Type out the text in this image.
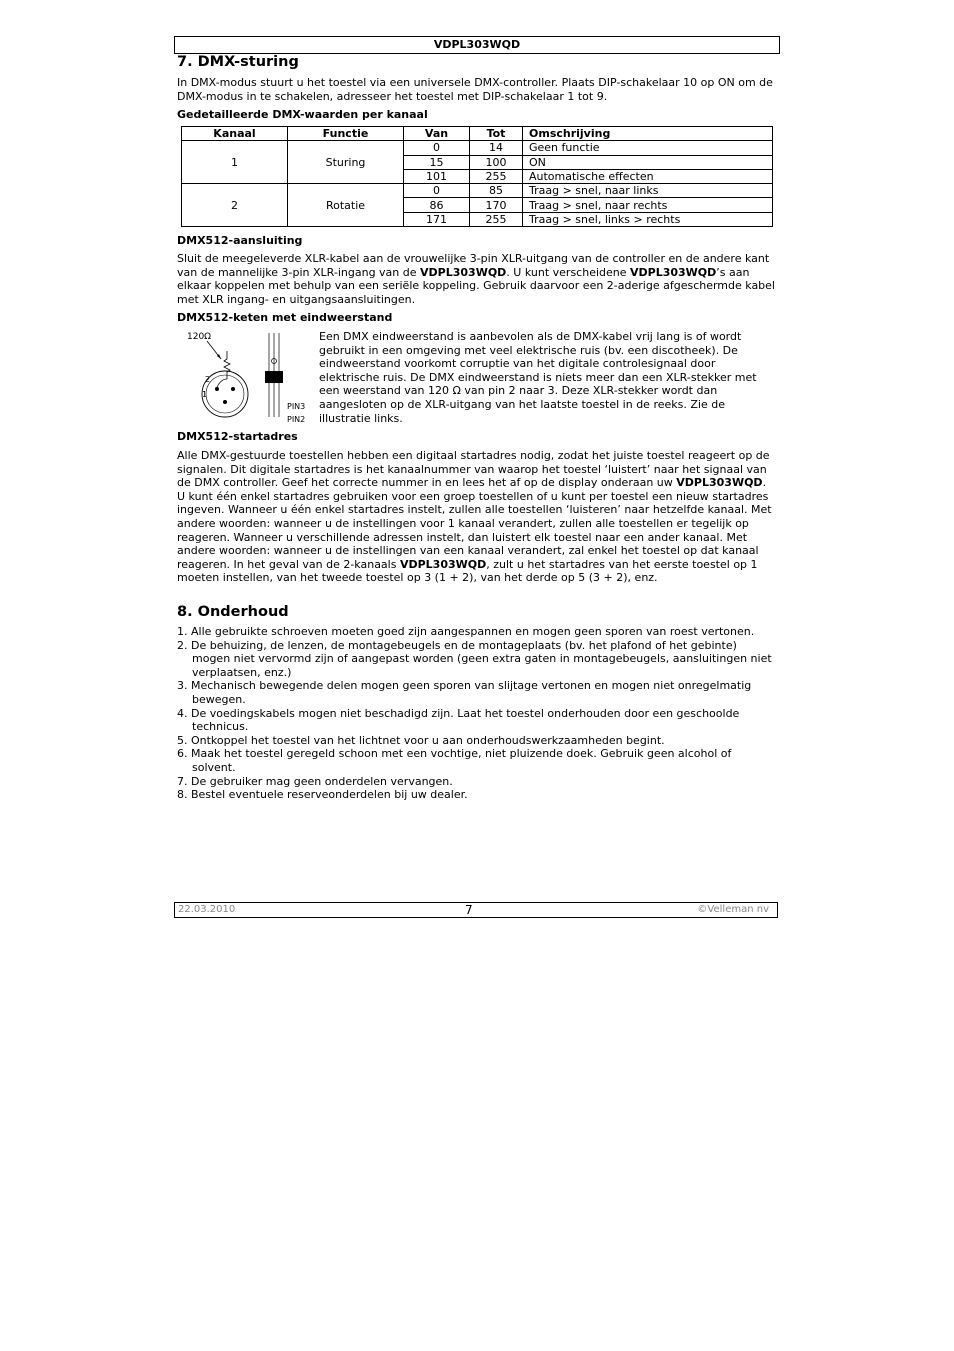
VDPL303WQD
7. DMX-sturing

In DMX-modus stuurt u het toestel via een universele DMX-controller. Plaats DIP-schakelaar 10 op ON om de DMX-modus in te schakelen, adresseer het toestel met DIP-schakelaar 1 tot 9.

Gedetailleerde DMX-waarden per kanaal

Kanaal	Functie	Van	Tot	Omschrijving
1	Sturing	0	14	Geen functie
		15	100	ON
		101	255	Automatische effecten
2	Rotatie	0	85	Traag > snel, naar links
		86	170	Traag > snel, naar rechts
		171	255	Traag > snel, links > rechts

DMX512-aansluiting

Sluit de meegeleverde XLR-kabel aan de vrouwelijke 3-pin XLR-uitgang van de controller en de andere kant van de mannelijke 3-pin XLR-ingang van de VDPL303WQD. U kunt verscheidene VDPL303WQD’s aan elkaar koppelen met behulp van een seriële koppeling. Gebruik daarvoor een 2-aderige afgeschermde kabel met XLR ingang- en uitgangsaansluitingen.

DMX512-keten met eindweerstand

120Ω
2
1
PIN3
PIN2

Een DMX eindweerstand is aanbevolen als de DMX-kabel vrij lang is of wordt gebruikt in een omgeving met veel elektrische ruis (bv. een discotheek). De eindweerstand voorkomt corruptie van het digitale controlesignaal door elektrische ruis. De DMX eindweerstand is niets meer dan een XLR-stekker met een weerstand van 120 Ω van pin 2 naar 3. Deze XLR-stekker wordt dan aangesloten op de XLR-uitgang van het laatste toestel in de reeks. Zie de illustratie links.

DMX512-startadres

Alle DMX-gestuurde toestellen hebben een digitaal startadres nodig, zodat het juiste toestel reageert op de signalen. Dit digitale startadres is het kanaalnummer van waarop het toestel ‘luistert’ naar het signaal van de DMX controller. Geef het correcte nummer in en lees het af op de display onderaan uw VDPL303WQD. U kunt één enkel startadres gebruiken voor een groep toestellen of u kunt per toestel een nieuw startadres ingeven. Wanneer u één enkel startadres instelt, zullen alle toestellen ‘luisteren’ naar hetzelfde kanaal. Met andere woorden: wanneer u de instellingen voor 1 kanaal verandert, zullen alle toestellen er tegelijk op reageren. Wanneer u verschillende adressen instelt, dan luistert elk toestel naar een ander kanaal. Met andere woorden: wanneer u de instellingen van een kanaal verandert, zal enkel het toestel op dat kanaal reageren. In het geval van de 2-kanaals VDPL303WQD, zult u het startadres van het eerste toestel op 1 moeten instellen, van het tweede toestel op 3 (1 + 2), van het derde op 5 (3 + 2), enz.

8. Onderhoud
1. Alle gebruikte schroeven moeten goed zijn aangespannen en mogen geen sporen van roest vertonen.
2. De behuizing, de lenzen, de montagebeugels en de montageplaats (bv. het plafond of het gebinte) mogen niet vervormd zijn of aangepast worden (geen extra gaten in montagebeugels, aansluitingen niet verplaatsen, enz.)
3. Mechanisch bewegende delen mogen geen sporen van slijtage vertonen en mogen niet onregelmatig bewegen.
4. De voedingskabels mogen niet beschadigd zijn. Laat het toestel onderhouden door een geschoolde technicus.
5. Ontkoppel het toestel van het lichtnet voor u aan onderhoudswerkzaamheden begint.
6. Maak het toestel geregeld schoon met een vochtige, niet pluizende doek. Gebruik geen alcohol of solvent.
7. De gebruiker mag geen onderdelen vervangen.
8. Bestel eventuele reserveonderdelen bij uw dealer.
22.03.2010	7	©Velleman nv
